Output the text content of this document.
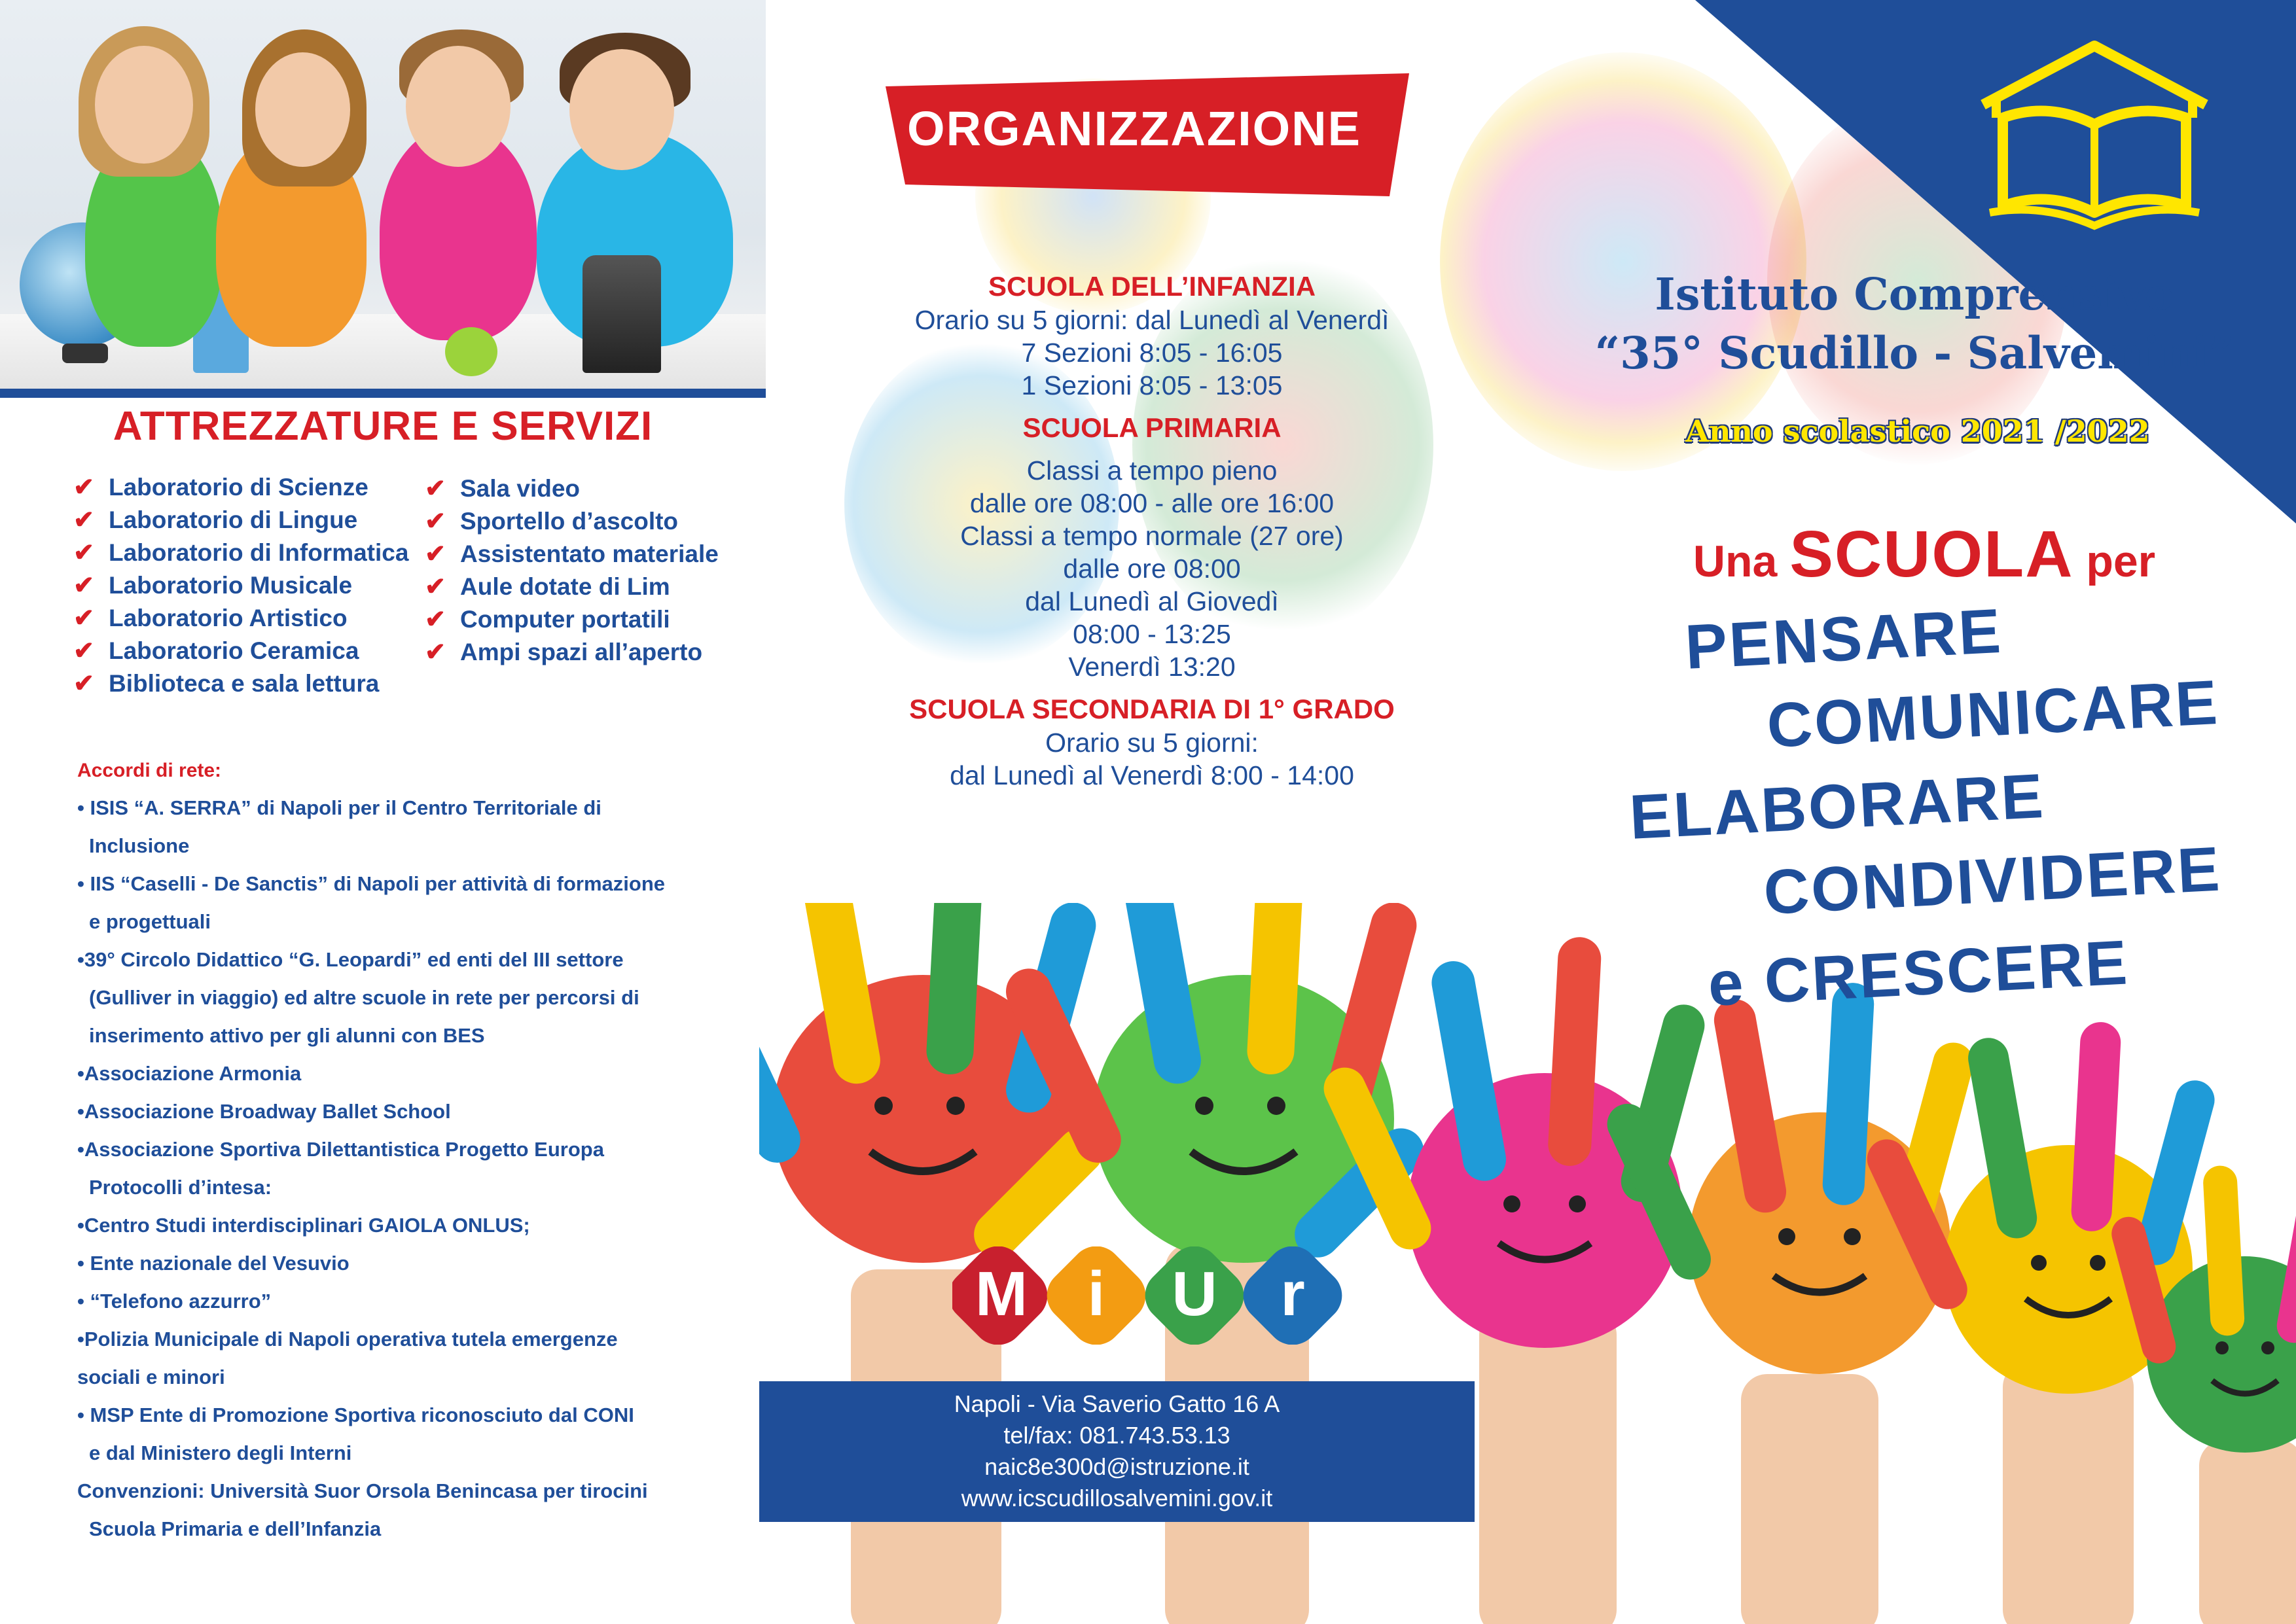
ATTREZZATURE E SERVIZI
✔ Laboratorio di Scienze
✔ Laboratorio di Lingue
✔ Laboratorio di Informatica
✔ Laboratorio Musicale
✔ Laboratorio Artistico
✔ Laboratorio Ceramica
✔ Biblioteca e sala lettura
✔ Sala video
✔ Sportello d’ascolto
✔ Assistentato materiale
✔ Aule dotate di Lim
✔ Computer portatili
✔ Ampi spazi all’aperto
Accordi di rete:
• ISIS “A. SERRA” di Napoli per il Centro Territoriale di
Inclusione
• IIS “Caselli - De Sanctis” di Napoli per attività di formazione
e progettuali
•39° Circolo Didattico “G. Leopardi” ed enti del III settore
(Gulliver in viaggio) ed altre scuole in rete per percorsi di
inserimento attivo per gli alunni con BES
•Associazione Armonia
•Associazione Broadway Ballet School
•Associazione Sportiva Dilettantistica Progetto Europa
Protocolli d’intesa:
•Centro Studi interdisciplinari GAIOLA ONLUS;
• Ente nazionale del Vesuvio
• “Telefono azzurro”
•Polizia Municipale di Napoli operativa tutela emergenze
sociali e minori
• MSP Ente di Promozione Sportiva riconosciuto dal CONI
e dal Ministero degli Interni
Convenzioni: Università Suor Orsola Benincasa per tirocini
Scuola Primaria e dell’Infanzia
ORGANIZZAZIONE
SCUOLA DELL’INFANZIA
Orario su 5 giorni: dal Lunedì al Venerdì
7 Sezioni 8:05 - 16:05
1 Sezioni 8:05 - 13:05
SCUOLA PRIMARIA
Classi a tempo pieno
dalle ore 08:00 - alle ore 16:00
Classi a tempo normale (27 ore)
dalle ore 08:00
dal Lunedì al Giovedì
08:00 - 13:25
Venerdì 13:20
SCUOLA SECONDARIA DI 1° GRADO
Orario su 5 giorni:
dal Lunedì al Venerdì 8:00 - 14:00
M i U r
Napoli - Via Saverio Gatto 16 A
tel/fax: 081.743.53.13
naic8e300d@istruzione.it
www.icscudillosalvemini.gov.it
Istituto Comprensivo
“35° Scudillo - Salvemini”
Anno scolastico 2021 /2022
Una SCUOLA per
PENSARE
COMUNICARE
ELABORARE
CONDIVIDERE
e CRESCERE
